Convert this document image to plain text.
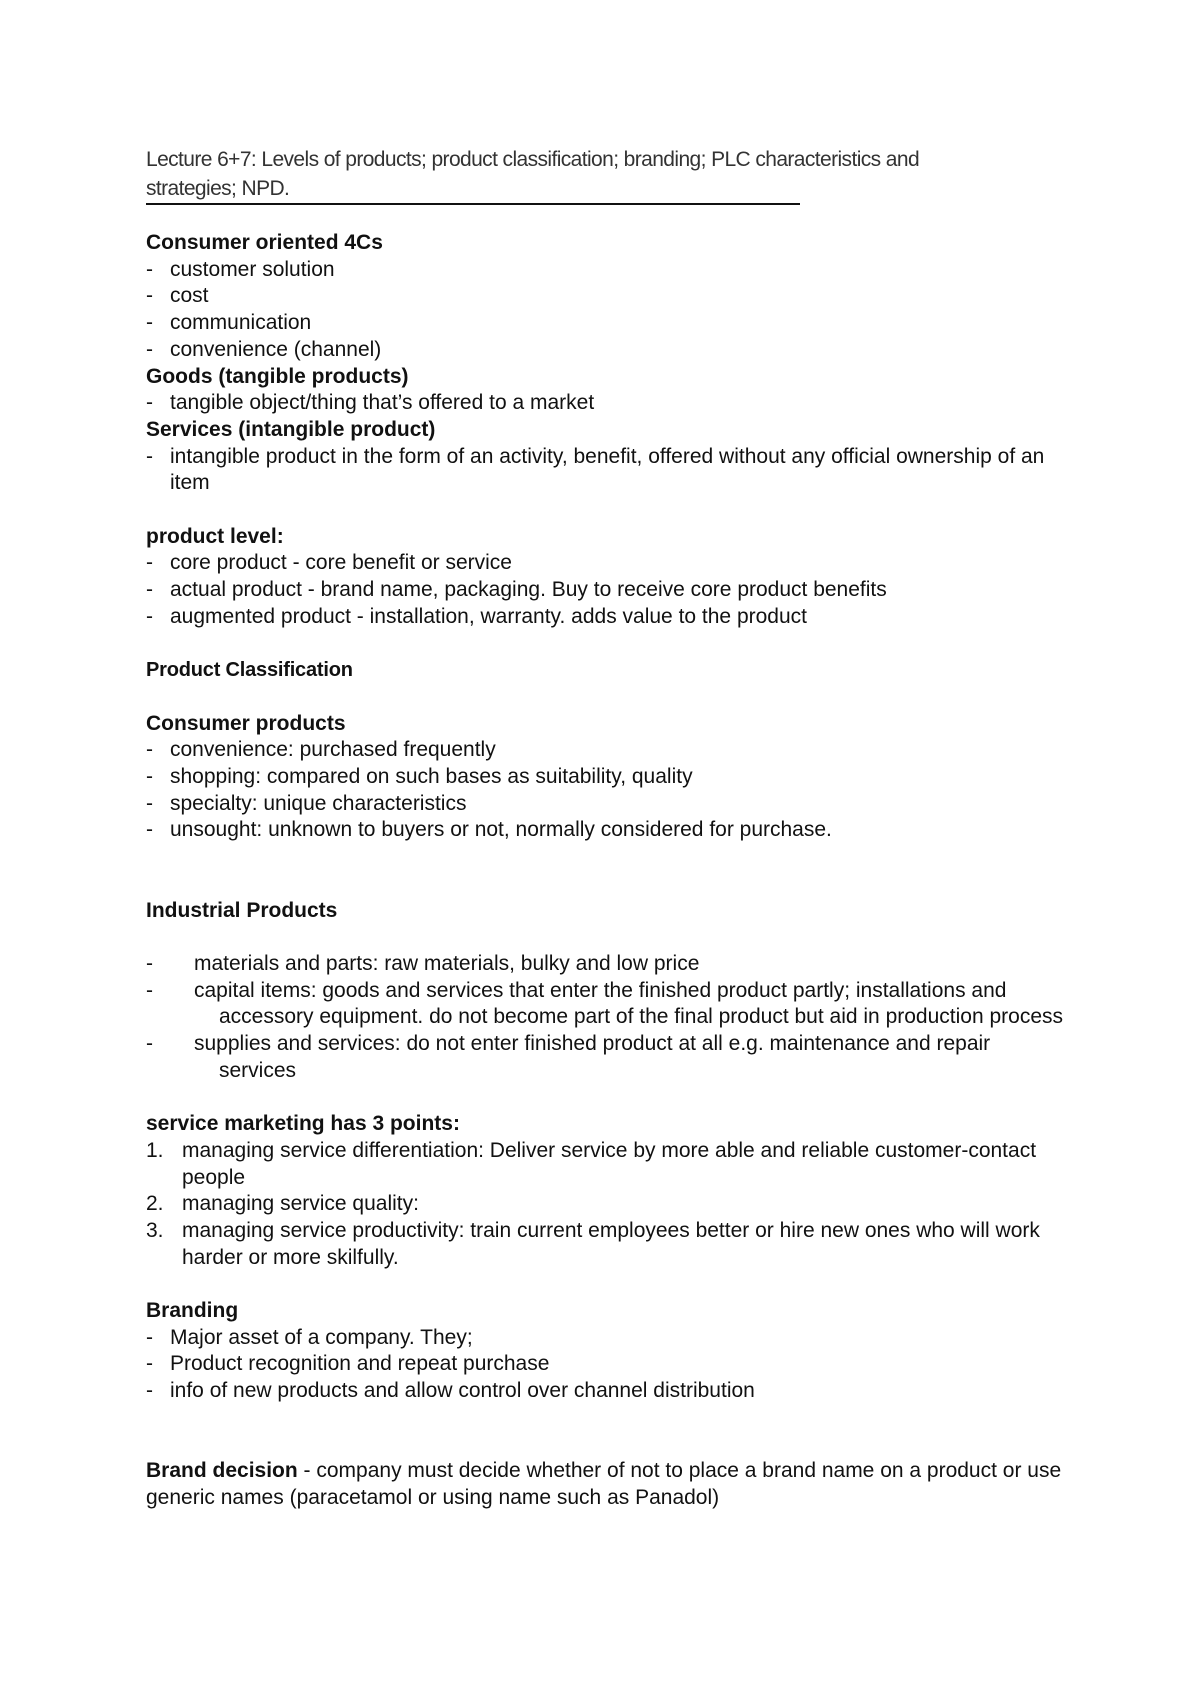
Lecture 6+7: Levels of products; product classification; branding; PLC characteristics and
strategies; NPD.

Consumer oriented 4Cs

- customer solution
- cost
- communication
- convenience (channel)

Goods (tangible products)

- tangible object/thing that’s offered to a market

Services (intangible product)

- intangible product in the form of an activity, benefit, offered without any official ownership of an item

product level:

- core product - core benefit or service
- actual product - brand name, packaging. Buy to receive core product benefits
- augmented product - installation, warranty. adds value to the product

Product Classification

Consumer products

- convenience: purchased frequently
- shopping: compared on such bases as suitability, quality
- specialty: unique characteristics
- unsought: unknown to buyers or not, normally considered for purchase.

Industrial Products

- materials and parts: raw materials, bulky and low price
- capital items: goods and services that enter the finished product partly; installations and
accessory equipment. do not become part of the final product but aid in production process
- supplies and services: do not enter finished product at all e.g. maintenance and repair
services

service marketing has 3 points:

1. managing service differentiation: Deliver service by more able and reliable customer-contact people
2. managing service quality:
3. managing service productivity: train current employees better or hire new ones who will work harder or more skilfully.

Branding

- Major asset of a company. They;
- Product recognition and repeat purchase
- info of new products and allow control over channel distribution

Brand decision - company must decide whether of not to place a brand name on a product or use generic names (paracetamol or using name such as Panadol)
